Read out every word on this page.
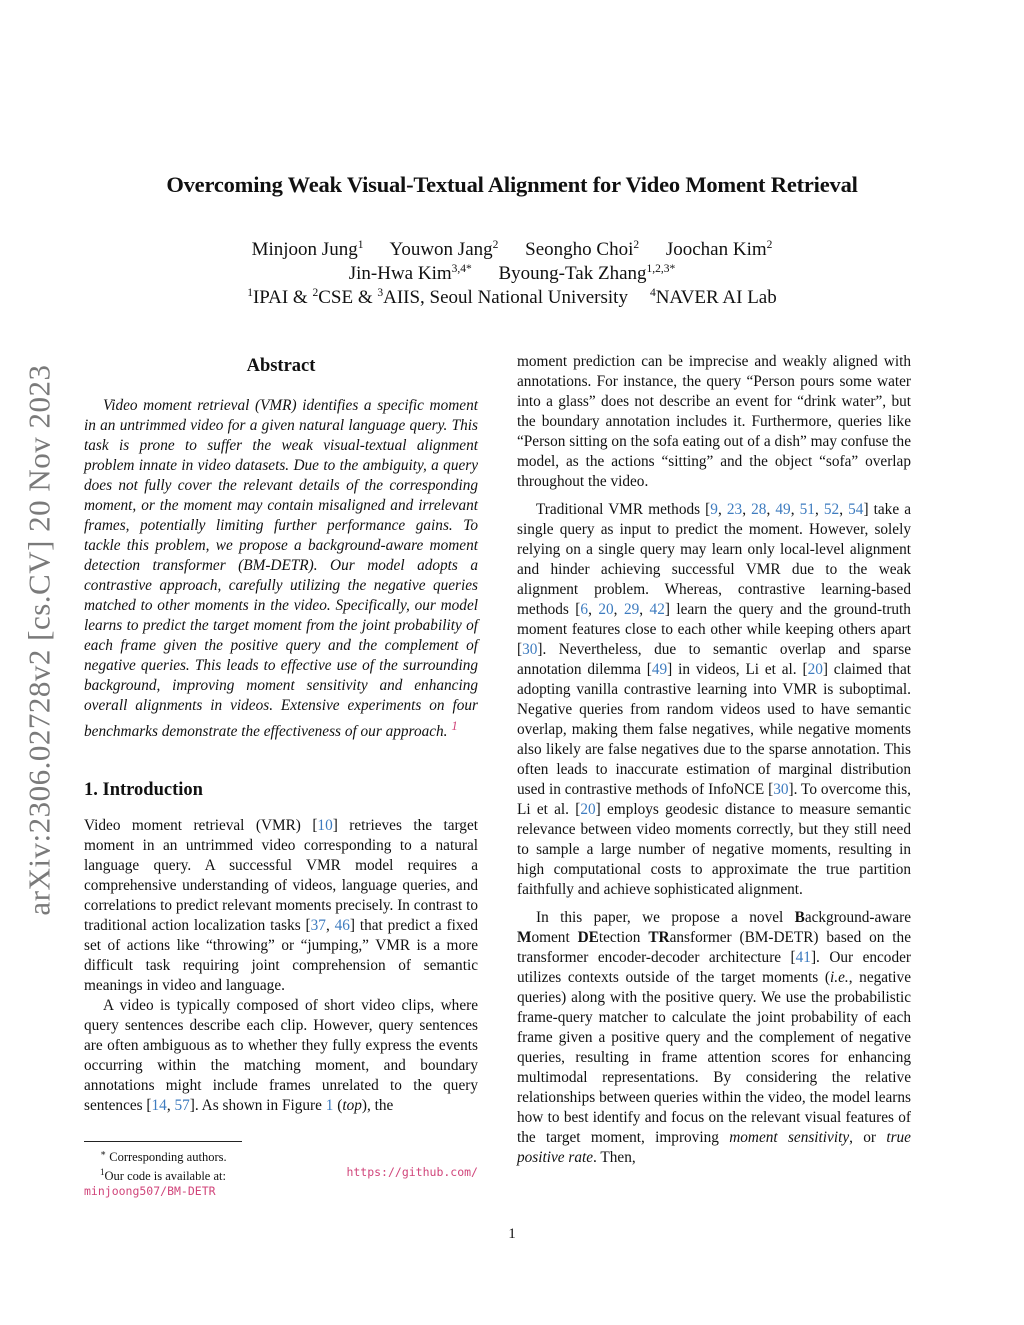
arXiv:2306.02728v2 [cs.CV] 20 Nov 2023
Overcoming Weak Visual-Textual Alignment for Video Moment Retrieval
Minjoon Jung$^1$ Youwon Jang$^2$ Seongho Choi$^2$ Joochan Kim$^2$
Jin-Hwa Kim$^{3,4*}$ Byoung-Tak Zhang$^{1,2,3*}$
$^1$IPAI & $^2$CSE & $^3$AIIS, Seoul National University $^4$NAVER AI Lab
Abstract

Video moment retrieval (VMR) identifies a specific moment in an untrimmed video for a given natural language query. This task is prone to suffer the weak visual-textual alignment problem innate in video datasets. Due to the ambiguity, a query does not fully cover the relevant details of the corresponding moment, or the moment may contain misaligned and irrelevant frames, potentially limiting further performance gains. To tackle this problem, we propose a background-aware moment detection transformer (BM-DETR). Our model adopts a contrastive approach, carefully utilizing the negative queries matched to other moments in the video. Specifically, our model learns to predict the target moment from the joint probability of each frame given the positive query and the complement of negative queries. This leads to effective use of the surrounding background, improving moment sensitivity and enhancing overall alignments in videos. Extensive experiments on four benchmarks demonstrate the effectiveness of our approach. $^1$

1. Introduction

Video moment retrieval (VMR) [10] retrieves the target moment in an untrimmed video corresponding to a natural language query. A successful VMR model requires a comprehensive understanding of videos, language queries, and correlations to predict relevant moments precisely. In contrast to traditional action localization tasks [37, 46] that predict a fixed set of actions like “throwing” or “jumping,” VMR is a more difficult task requiring joint comprehension of semantic meanings in video and language.

A video is typically composed of short video clips, where query sentences describe each clip. However, query sentences are often ambiguous as to whether they fully express the events occurring within the matching moment, and boundary annotations might include frames unrelated to the query sentences [14, 57]. As shown in Figure 1 (top), the

∗ Corresponding authors.

$^1$Our code is available at:	https://github.com/

minjoong507/BM-DETR

moment prediction can be imprecise and weakly aligned with annotations. For instance, the query “Person pours some water into a glass” does not describe an event for “drink water”, but the boundary annotation includes it. Furthermore, queries like “Person sitting on the sofa eating out of a dish” may confuse the model, as the actions “sitting” and the object “sofa” overlap throughout the video.

Traditional VMR methods [9, 23, 28, 49, 51, 52, 54] take a single query as input to predict the moment. However, solely relying on a single query may learn only local-level alignment and hinder achieving successful VMR due to the weak alignment problem. Whereas, contrastive learning-based methods [6, 20, 29, 42] learn the query and the ground-truth moment features close to each other while keeping others apart [30]. Nevertheless, due to semantic overlap and sparse annotation dilemma [49] in videos, Li et al. [20] claimed that adopting vanilla contrastive learning into VMR is suboptimal. Negative queries from random videos used to have semantic overlap, making them false negatives, while negative moments also likely are false negatives due to the sparse annotation. This often leads to inaccurate estimation of marginal distribution used in contrastive methods of InfoNCE [30]. To overcome this, Li et al. [20] employs geodesic distance to measure semantic relevance between video moments correctly, but they still need to sample a large number of negative moments, resulting in high computational costs to approximate the true partition faithfully and achieve sophisticated alignment.

In this paper, we propose a novel Background-aware Moment DEtection TRansformer (BM-DETR) based on the transformer encoder-decoder architecture [41]. Our encoder utilizes contexts outside of the target moments (i.e., negative queries) along with the positive query. We use the probabilistic frame-query matcher to calculate the joint probability of each frame given a positive query and the complement of negative queries, resulting in frame attention scores for enhancing multimodal representations. By considering the relative relationships between queries within the video, the model learns how to best identify and focus on the relevant visual features of the target moment, improving moment sensitivity, or true positive rate. Then,

1
